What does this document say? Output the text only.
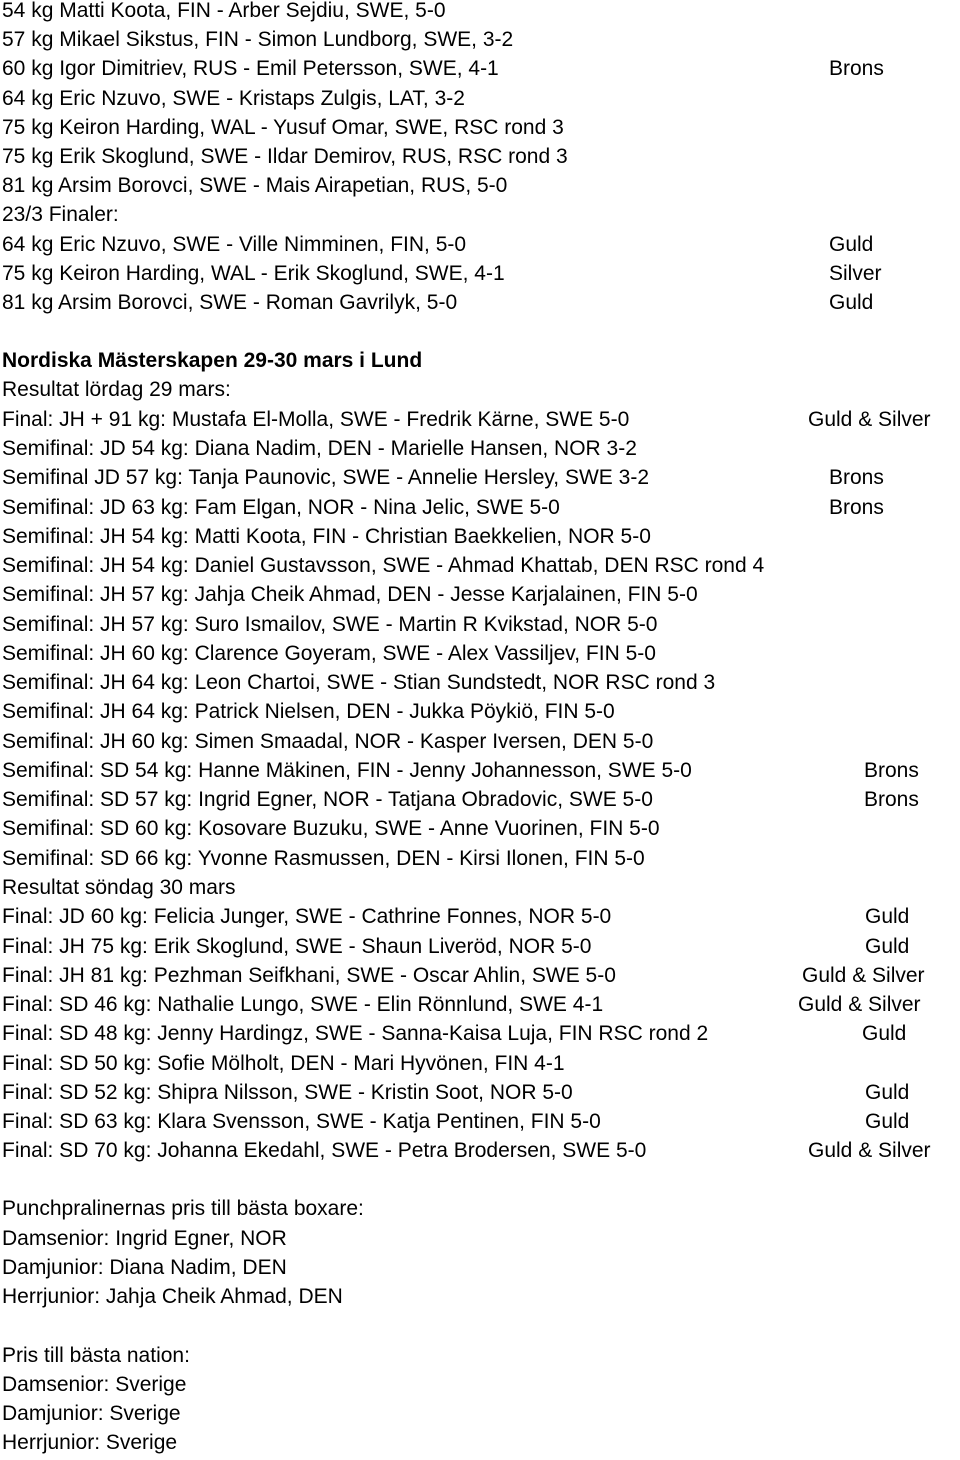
54 kg Matti Koota, FIN - Arber Sejdiu, SWE, 5-0
57 kg Mikael Sikstus, FIN - Simon Lundborg, SWE, 3-2
60 kg Igor Dimitriev, RUS - Emil Petersson, SWE, 4-1	Brons
64 kg Eric Nzuvo, SWE - Kristaps Zulgis, LAT, 3-2
75 kg Keiron Harding, WAL - Yusuf Omar, SWE, RSC rond 3
75 kg Erik Skoglund, SWE - Ildar Demirov, RUS, RSC rond 3
81 kg Arsim Borovci, SWE - Mais Airapetian, RUS, 5-0
23/3 Finaler:
64 kg Eric Nzuvo, SWE - Ville Nimminen, FIN, 5-0	Guld
75 kg Keiron Harding, WAL - Erik Skoglund, SWE, 4-1	Silver
81 kg Arsim Borovci, SWE - Roman Gavrilyk, 5-0	Guld
Nordiska Mästerskapen 29-30 mars i Lund
Resultat lördag 29 mars:
Final: JH + 91 kg: Mustafa El-Molla, SWE - Fredrik Kärne, SWE 5-0	Guld & Silver
Semifinal: JD 54 kg: Diana Nadim, DEN - Marielle Hansen, NOR 3-2
Semifinal JD 57 kg: Tanja Paunovic, SWE - Annelie Hersley, SWE 3-2	Brons
Semifinal: JD 63 kg: Fam Elgan, NOR - Nina Jelic, SWE 5-0	Brons
Semifinal: JH 54 kg: Matti Koota, FIN - Christian Baekkelien, NOR 5-0
Semifinal: JH 54 kg: Daniel Gustavsson, SWE - Ahmad Khattab, DEN RSC rond 4
Semifinal: JH 57 kg: Jahja Cheik Ahmad, DEN - Jesse Karjalainen, FIN 5-0
Semifinal: JH 57 kg: Suro Ismailov, SWE - Martin R Kvikstad, NOR 5-0
Semifinal: JH 60 kg: Clarence Goyeram, SWE - Alex Vassiljev, FIN 5-0
Semifinal: JH 64 kg: Leon Chartoi, SWE - Stian Sundstedt, NOR RSC rond 3
Semifinal: JH 64 kg: Patrick Nielsen, DEN - Jukka Pöykiö, FIN 5-0
Semifinal: JH 60 kg: Simen Smaadal, NOR - Kasper Iversen, DEN 5-0
Semifinal: SD 54 kg: Hanne Mäkinen, FIN - Jenny Johannesson, SWE 5-0	Brons
Semifinal: SD 57 kg: Ingrid Egner, NOR - Tatjana Obradovic, SWE 5-0	Brons
Semifinal: SD 60 kg: Kosovare Buzuku, SWE - Anne Vuorinen, FIN 5-0
Semifinal: SD 66 kg: Yvonne Rasmussen, DEN - Kirsi Ilonen, FIN 5-0
Resultat söndag 30 mars
Final: JD 60 kg: Felicia Junger, SWE - Cathrine Fonnes, NOR 5-0	Guld
Final: JH 75 kg: Erik Skoglund, SWE - Shaun Liveröd, NOR 5-0	Guld
Final: JH 81 kg: Pezhman Seifkhani, SWE - Oscar Ahlin, SWE 5-0	Guld & Silver
Final: SD 46 kg: Nathalie Lungo, SWE - Elin Rönnlund, SWE 4-1	Guld & Silver
Final: SD 48 kg: Jenny Hardingz, SWE - Sanna-Kaisa Luja, FIN RSC rond 2	Guld
Final: SD 50 kg: Sofie Mölholt, DEN - Mari Hyvönen, FIN 4-1
Final: SD 52 kg: Shipra Nilsson, SWE - Kristin Soot, NOR 5-0	Guld
Final: SD 63 kg: Klara Svensson, SWE - Katja Pentinen, FIN 5-0	Guld
Final: SD 70 kg: Johanna Ekedahl, SWE - Petra Brodersen, SWE 5-0	Guld & Silver
Punchpralinernas pris till bästa boxare:
Damsenior: Ingrid Egner, NOR
Damjunior: Diana Nadim, DEN
Herrjunior: Jahja Cheik Ahmad, DEN
Pris till bästa nation:
Damsenior: Sverige
Damjunior: Sverige
Herrjunior: Sverige
